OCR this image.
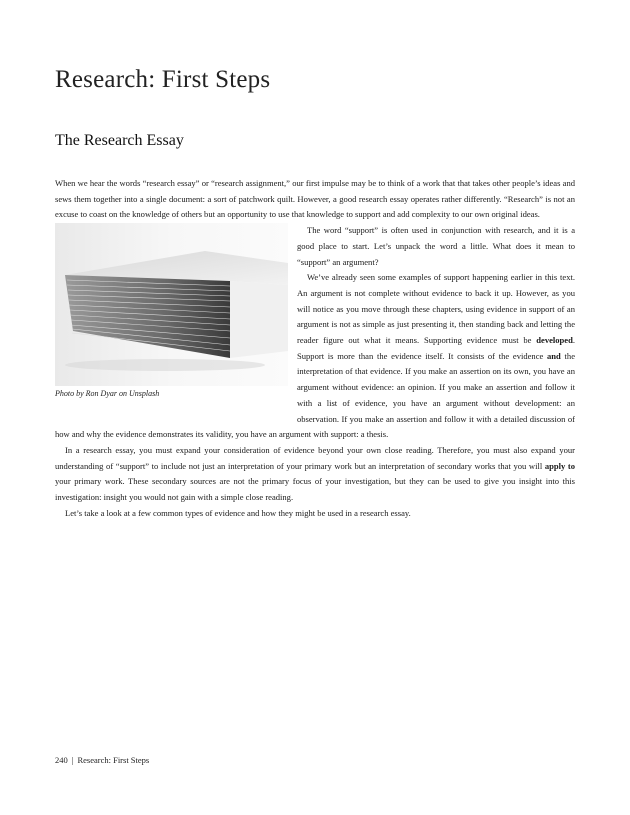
Research: First Steps
The Research Essay

When we hear the words “research essay” or “research assignment,” our first impulse may be to think of a work that that takes other people’s ideas and sews them together into a single document: a sort of patchwork quilt. However, a good research essay operates rather differently. “Research” is not an excuse to coast on the knowledge of others but an opportunity to use that knowledge to support and add complexity to our own original ideas.

Photo by Ron Dyar on Unsplash

The word “support” is often used in conjunction with research, and it is a good place to start. Let’s unpack the word a little. What does it mean to “support” an argument?

We’ve already seen some examples of support happening earlier in this text. An argument is not complete without evidence to back it up. However, as you will notice as you move through these chapters, using evidence in support of an argument is not as simple as just presenting it, then standing back and letting the reader figure out what it means. Supporting evidence must be developed. Support is more than the evidence itself. It consists of the evidence and the interpretation of that evidence. If you make an assertion on its own, you have an argument without evidence: an opinion. If you make an assertion and follow it with a list of evidence, you have an argument without development: an observation. If you make an assertion and follow it with a detailed discussion of how and why the evidence demonstrates its validity, you have an argument with support: a thesis.

In a research essay, you must expand your consideration of evidence beyond your own close reading. Therefore, you must also expand your understanding of “support” to include not just an interpretation of your primary work but an interpretation of secondary works that you will apply to your primary work. These secondary sources are not the primary focus of your investigation, but they can be used to give you insight into this investigation: insight you would not gain with a simple close reading.

Let’s take a look at a few common types of evidence and how they might be used in a research essay.

240 | Research: First Steps
